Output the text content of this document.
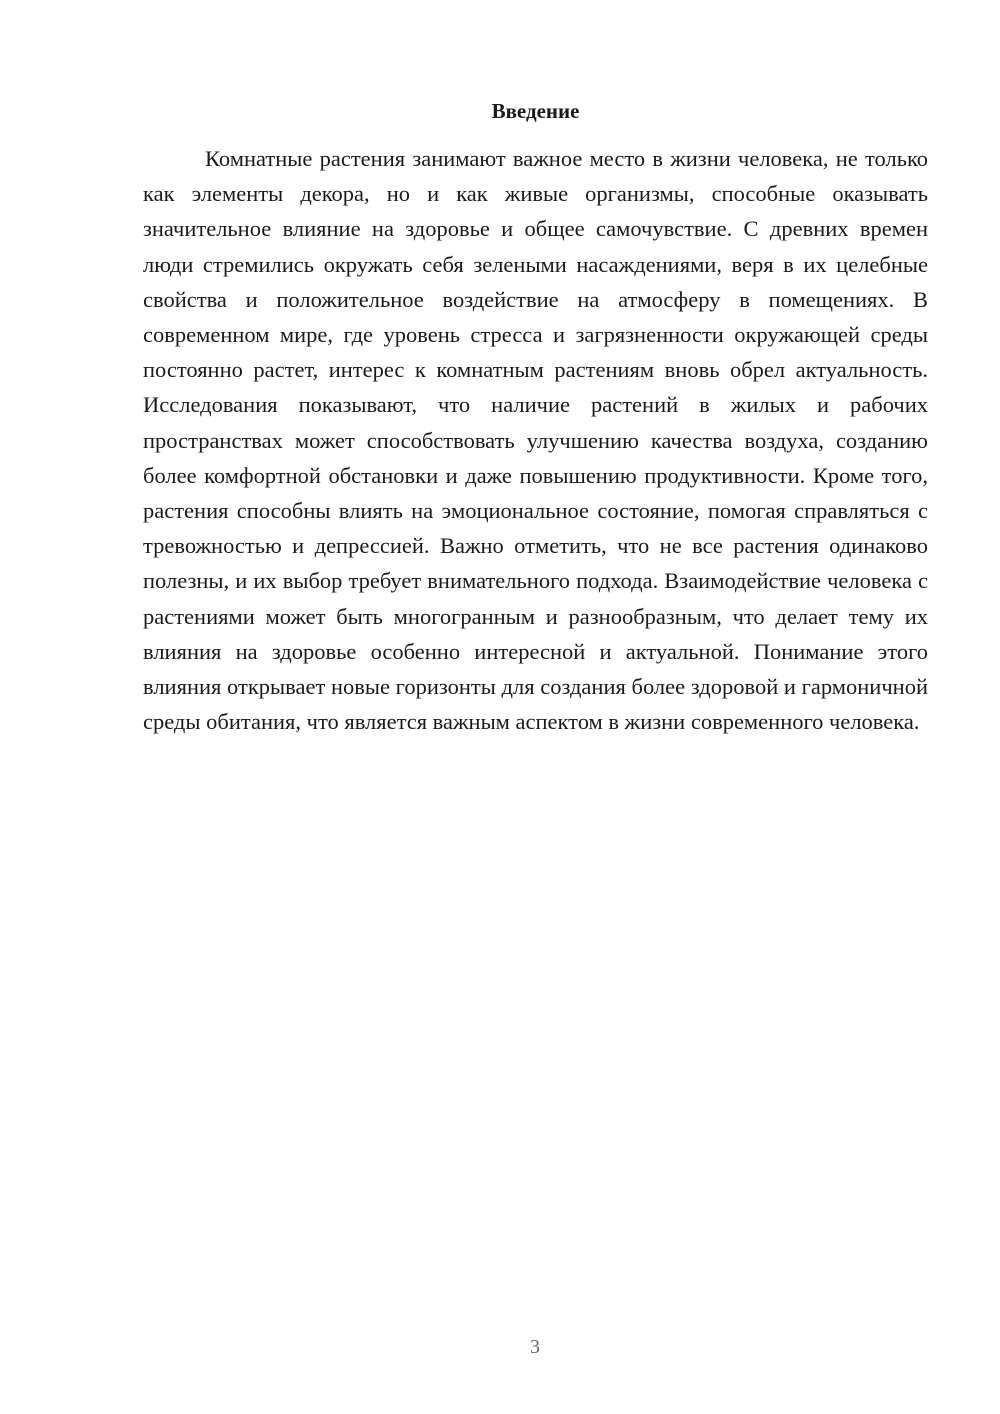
Введение

Комнатные растения занимают важное место в жизни человека, не только как элементы декора, но и как живые организмы, способные оказывать значительное влияние на здоровье и общее самочувствие. С древних времен люди стремились окружать себя зелеными насаждениями, веря в их целебные свойства и положительное воздействие на атмосферу в помещениях. В современном мире, где уровень стресса и загрязненности окружающей среды постоянно растет, интерес к комнатным растениям вновь обрел актуальность. Исследования показывают, что наличие растений в жилых и рабочих пространствах может способствовать улучшению качества воздуха, созданию более комфортной обстановки и даже повышению продуктивности. Кроме того, растения способны влиять на эмоциональное состояние, помогая справляться с тревожностью и депрессией. Важно отметить, что не все растения одинаково полезны, и их выбор требует внимательного подхода. Взаимодействие человека с растениями может быть многогранным и разнообразным, что делает тему их влияния на здоровье особенно интересной и актуальной. Понимание этого влияния открывает новые горизонты для создания более здоровой и гармоничной среды обитания, что является важным аспектом в жизни современного человека.

3
